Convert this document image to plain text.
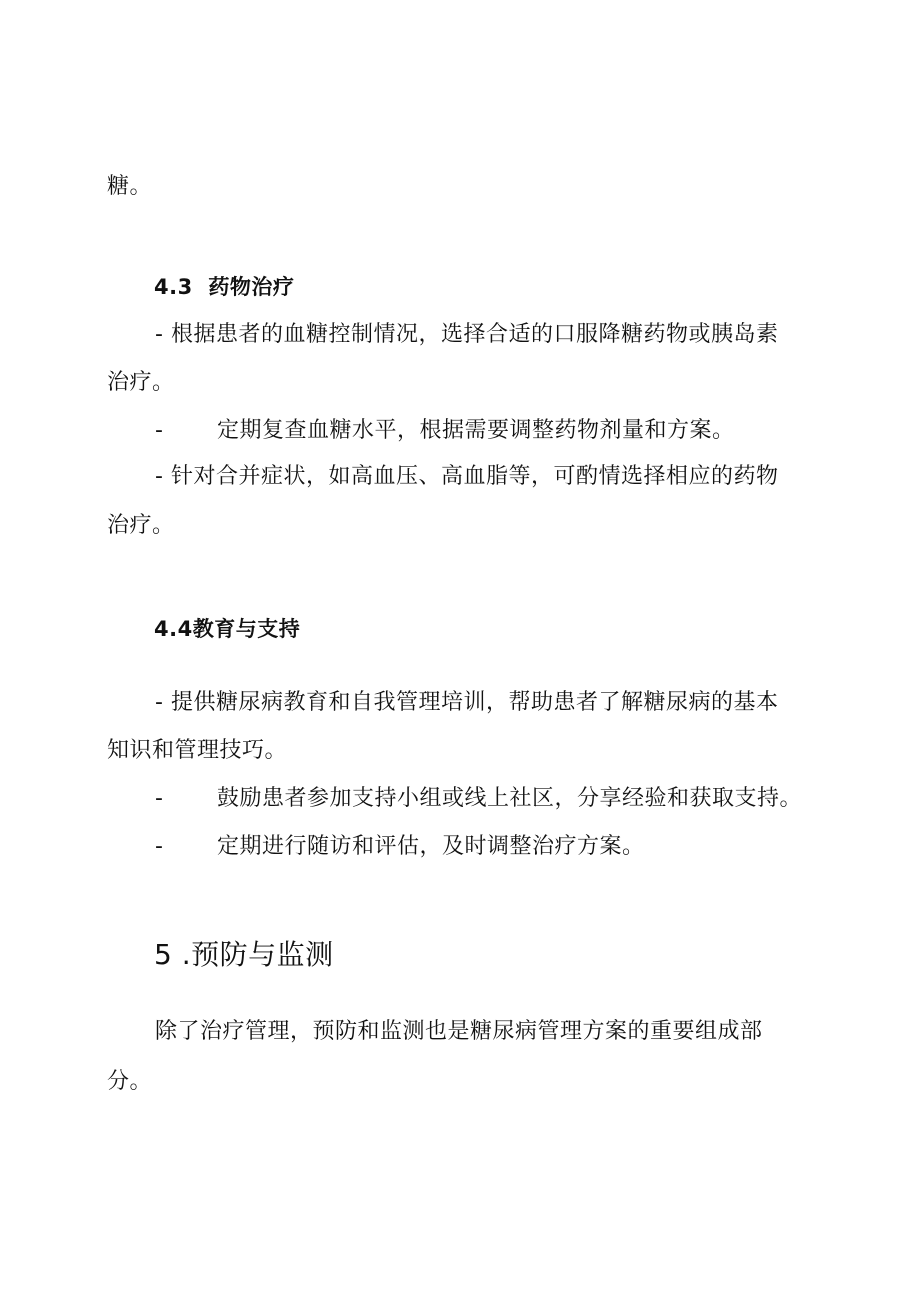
糖。
4.3 药物治疗
- 根据患者的血糖控制情况，选择合适的口服降糖药物或胰岛素
治疗。
- 定期复查血糖水平，根据需要调整药物剂量和方案。
- 针对合并症状，如高血压、高血脂等，可酌情选择相应的药物
治疗。
4.4教育与支持
- 提供糖尿病教育和自我管理培训，帮助患者了解糖尿病的基本
知识和管理技巧。
- 鼓励患者参加支持小组或线上社区，分享经验和获取支持。
- 定期进行随访和评估，及时调整治疗方案。
5 .预防与监测
除了治疗管理，预防和监测也是糖尿病管理方案的重要组成部
分。
